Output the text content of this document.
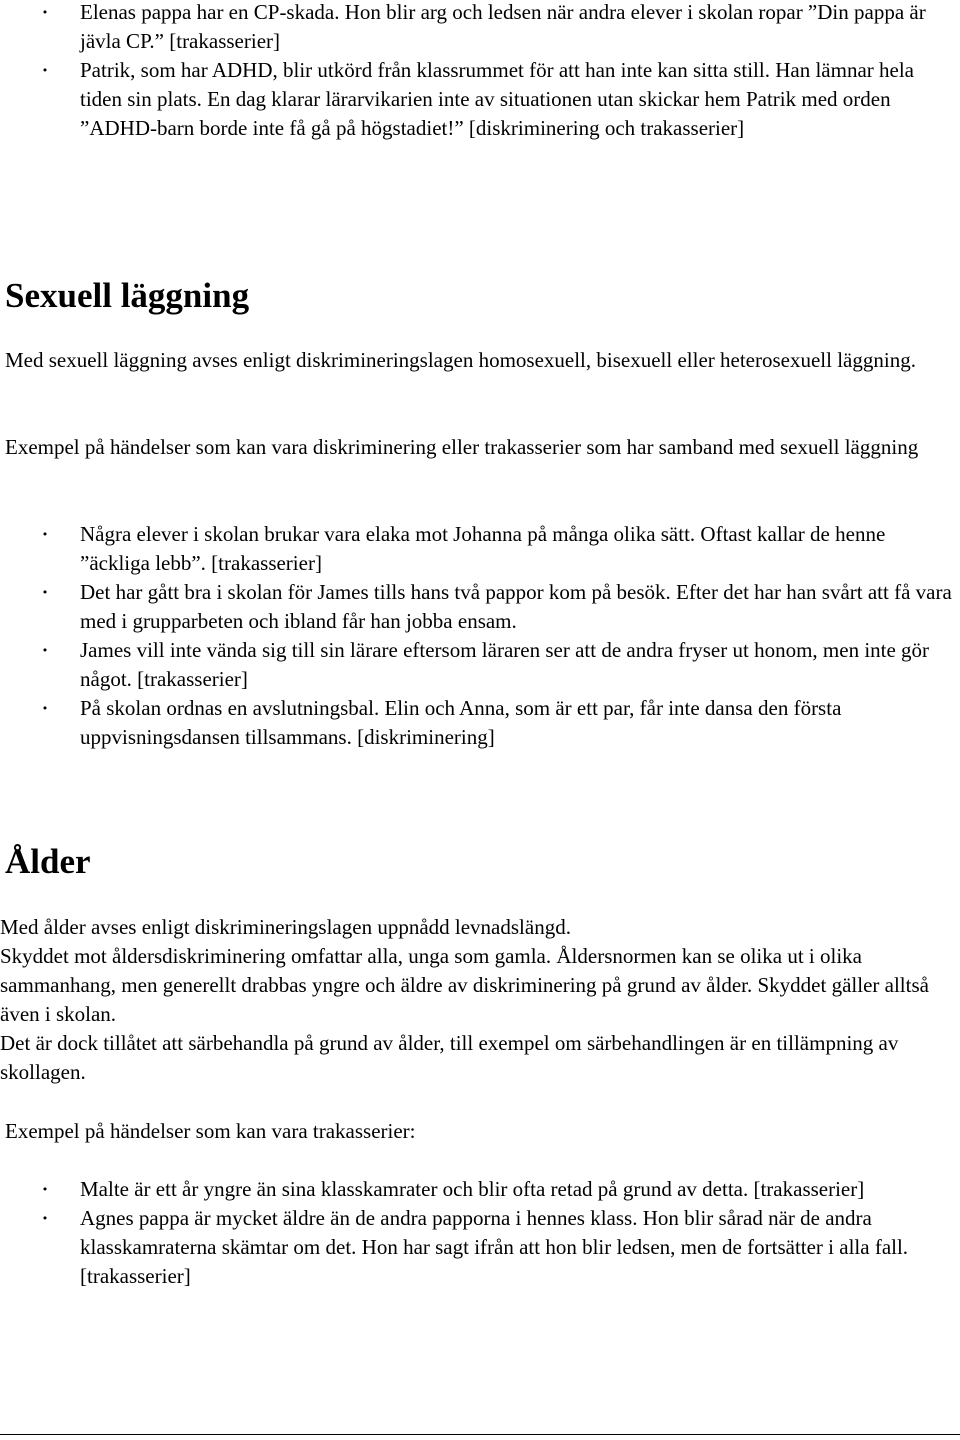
• Elenas pappa har en CP-skada. Hon blir arg och ledsen när andra elever i skolan ropar ”Din pappa är jävla CP.” [trakasserier]
• Patrik, som har ADHD, blir utkörd från klassrummet för att han inte kan sitta still. Han lämnar hela tiden sin plats. En dag klarar lärarvikarien inte av situationen utan skickar hem Patrik med orden ”ADHD-barn borde inte få gå på högstadiet!” [diskriminering och trakasserier]
Sexuell läggning

Med sexuell läggning avses enligt diskrimineringslagen homosexuell, bisexuell eller heterosexuell läggning.

Exempel på händelser som kan vara diskriminering eller trakasserier som har samband med sexuell läggning

• Några elever i skolan brukar vara elaka mot Johanna på många olika sätt. Oftast kallar de henne ”äckliga lebb”. [trakasserier]
• Det har gått bra i skolan för James tills hans två pappor kom på besök. Efter det har han svårt att få vara med i grupparbeten och ibland får han jobba ensam.
• James vill inte vända sig till sin lärare eftersom läraren ser att de andra fryser ut honom, men inte gör något. [trakasserier]
• På skolan ordnas en avslutningsbal. Elin och Anna, som är ett par, får inte dansa den första uppvisningsdansen tillsammans. [diskriminering]
Ålder

Med ålder avses enligt diskrimineringslagen uppnådd levnadslängd.

Skyddet mot åldersdiskriminering omfattar alla, unga som gamla. Åldersnormen kan se olika ut i olika sammanhang, men generellt drabbas yngre och äldre av diskriminering på grund av ålder. Skyddet gäller alltså även i skolan.

Det är dock tillåtet att särbehandla på grund av ålder, till exempel om särbehandlingen är en tillämpning av skollagen.

Exempel på händelser som kan vara trakasserier:

• Malte är ett år yngre än sina klasskamrater och blir ofta retad på grund av detta. [trakasserier]
• Agnes pappa är mycket äldre än de andra papporna i hennes klass. Hon blir sårad när de andra klasskamraterna skämtar om det. Hon har sagt ifrån att hon blir ledsen, men de fortsätter i alla fall. [trakasserier]
